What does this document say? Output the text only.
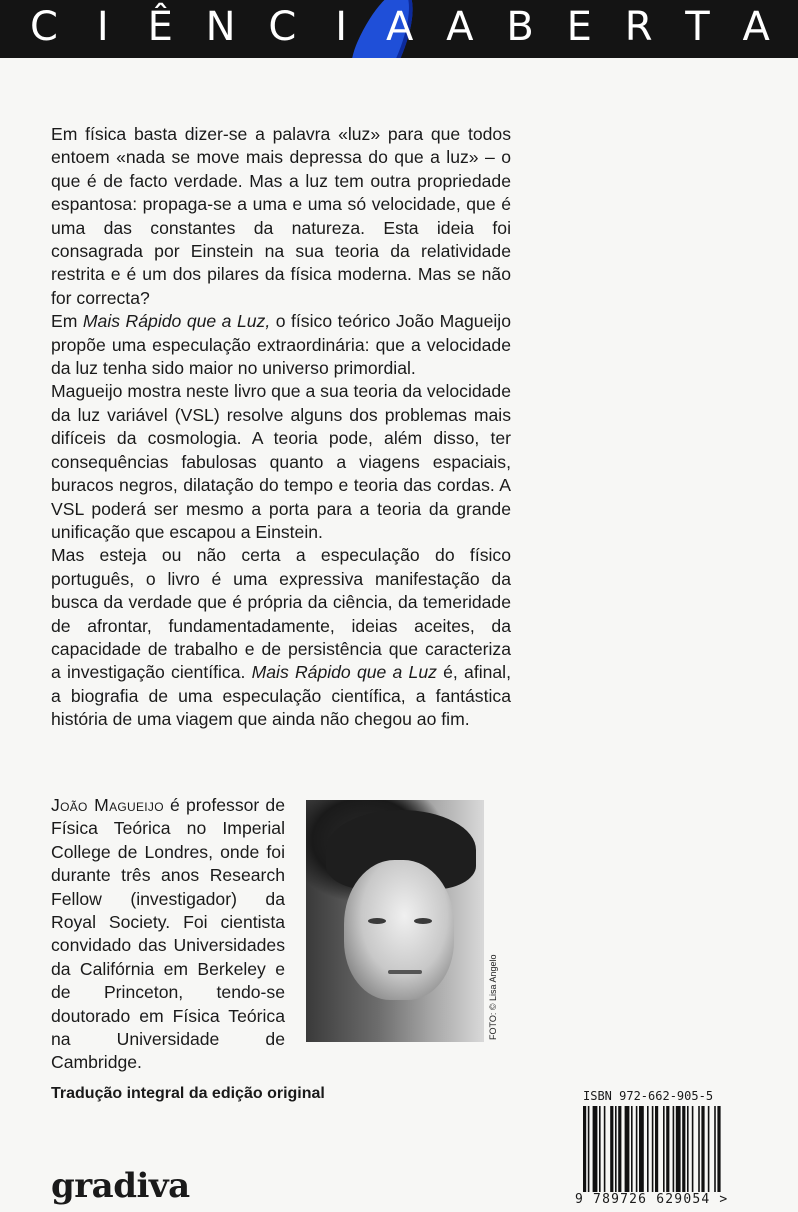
C I Ê N C I A A B E R T A

Em física basta dizer-se a palavra «luz» para que todos entoem «nada se move mais depressa do que a luz» – o que é de facto verdade. Mas a luz tem outra propriedade espantosa: propaga-se a uma e uma só velocidade, que é uma das constantes da natureza. Esta ideia foi consagrada por Einstein na sua teoria da relatividade restrita e é um dos pilares da física moderna. Mas se não for correcta?

Em Mais Rápido que a Luz, o físico teórico João Magueijo propõe uma especulação extraordinária: que a velocidade da luz tenha sido maior no universo primordial.

Magueijo mostra neste livro que a sua teoria da velocidade da luz variável (VSL) resolve alguns dos problemas mais difíceis da cosmologia. A teoria pode, além disso, ter consequências fabulosas quanto a viagens espaciais, buracos negros, dilatação do tempo e teoria das cordas. A VSL poderá ser mesmo a porta para a teoria da grande unificação que escapou a Einstein.

Mas esteja ou não certa a especulação do físico português, o livro é uma expressiva manifestação da busca da verdade que é própria da ciência, da temeridade de afrontar, fundamentadamente, ideias aceites, da capacidade de trabalho e de persistência que caracteriza a investigação científica. Mais Rápido que a Luz é, afinal, a biografia de uma especulação científica, a fantástica história de uma viagem que ainda não chegou ao fim.

João Magueijo é professor de Física Teórica no Imperial College de Londres, onde foi durante três anos Research Fellow (investigador) da Royal Society. Foi cientista convidado das Universidades da Califórnia em Berkeley e de Princeton, tendo-se doutorado em Física Teórica na Universidade de Cambridge.
FOTO: © Lisa Angelo
Tradução integral da edição original
gradiva
ISBN 972-662-905-5
9 789726 629054 >
